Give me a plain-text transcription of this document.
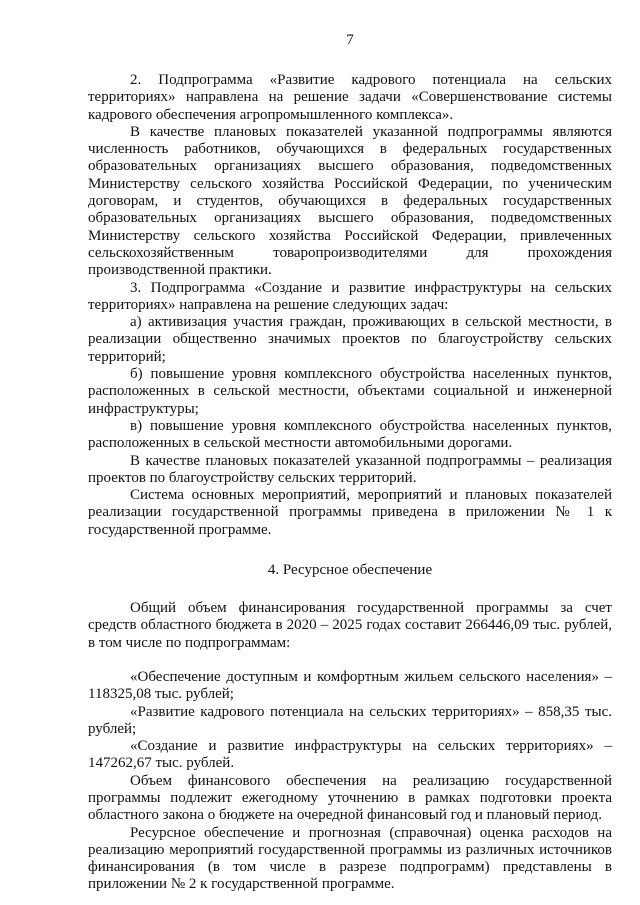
7

2. Подпрограмма «Развитие кадрового потенциала на сельских территориях» направлена на решение задачи «Совершенствование системы кадрового обеспечения агропромышленного комплекса».

В качестве плановых показателей указанной подпрограммы являются численность работников, обучающихся в федеральных государственных образовательных организациях высшего образования, подведомственных Министерству сельского хозяйства Российской Федерации, по ученическим договорам, и студентов, обучающихся в федеральных государственных образовательных организациях высшего образования, подведомственных Министерству сельского хозяйства Российской Федерации, привлеченных сельскохозяйственным товаропроизводителями для прохождения производственной практики.

3. Подпрограмма «Создание и развитие инфраструктуры на сельских территориях» направлена на решение следующих задач:

а) активизация участия граждан, проживающих в сельской местности, в реализации общественно значимых проектов по благоустройству сельских территорий;

б) повышение уровня комплексного обустройства населенных пунктов, расположенных в сельской местности, объектами социальной и инженерной инфраструктуры;

в) повышение уровня комплексного обустройства населенных пунктов, расположенных в сельской местности автомобильными дорогами.

В качестве плановых показателей указанной подпрограммы – реализация проектов по благоустройству сельских территорий.

Система основных мероприятий, мероприятий и плановых показателей реализации государственной программы приведена в приложении № 1 к государственной программе.

4. Ресурсное обеспечение

Общий объем финансирования государственной программы за счет средств областного бюджета в 2020 – 2025 годах составит 266446,09 тыс. рублей, в том числе по подпрограммам:

«Обеспечение доступным и комфортным жильем сельского населения» – 118325,08 тыс. рублей;

«Развитие кадрового потенциала на сельских территориях» – 858,35 тыс. рублей;

«Создание и развитие инфраструктуры на сельских территориях» – 147262,67 тыс. рублей.

Объем финансового обеспечения на реализацию государственной программы подлежит ежегодному уточнению в рамках подготовки проекта областного закона о бюджете на очередной финансовый год и плановый период.

Ресурсное обеспечение и прогнозная (справочная) оценка расходов на реализацию мероприятий государственной программы из различных источников финансирования (в том числе в разрезе подпрограмм) представлены в приложении № 2 к государственной программе.
